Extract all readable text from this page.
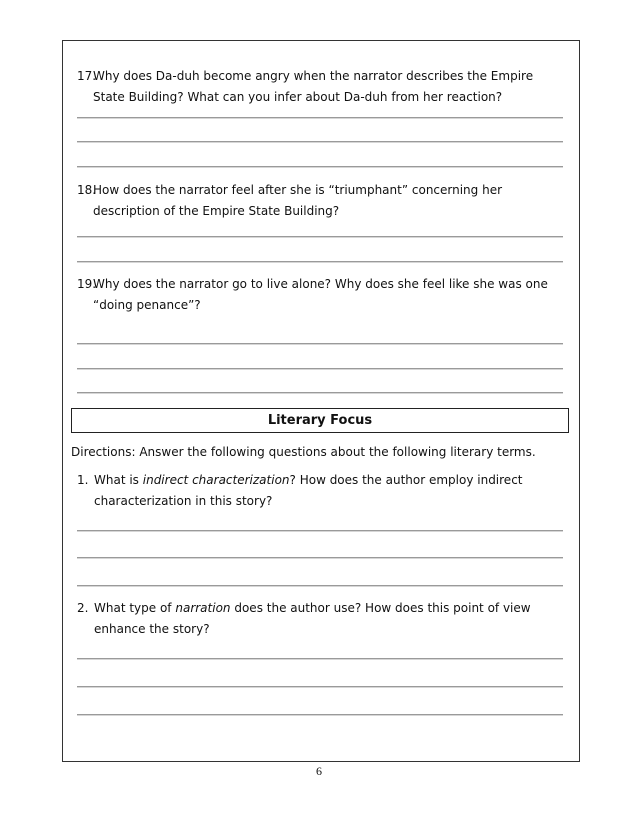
17.
Why does Da-duh become angry when the narrator describes the Empire State Building? What can you infer about Da-duh from her reaction?
18.
How does the narrator feel after she is “triumphant” concerning her description of the Empire State Building?
19.
Why does the narrator go to live alone? Why does she feel like she was one “doing penance”?
Literary Focus
Directions: Answer the following questions about the following literary terms.
1. What is indirect characterization? How does the author employ indirect characterization in this story?
2. What type of narration does the author use? How does this point of view enhance the story?
6
